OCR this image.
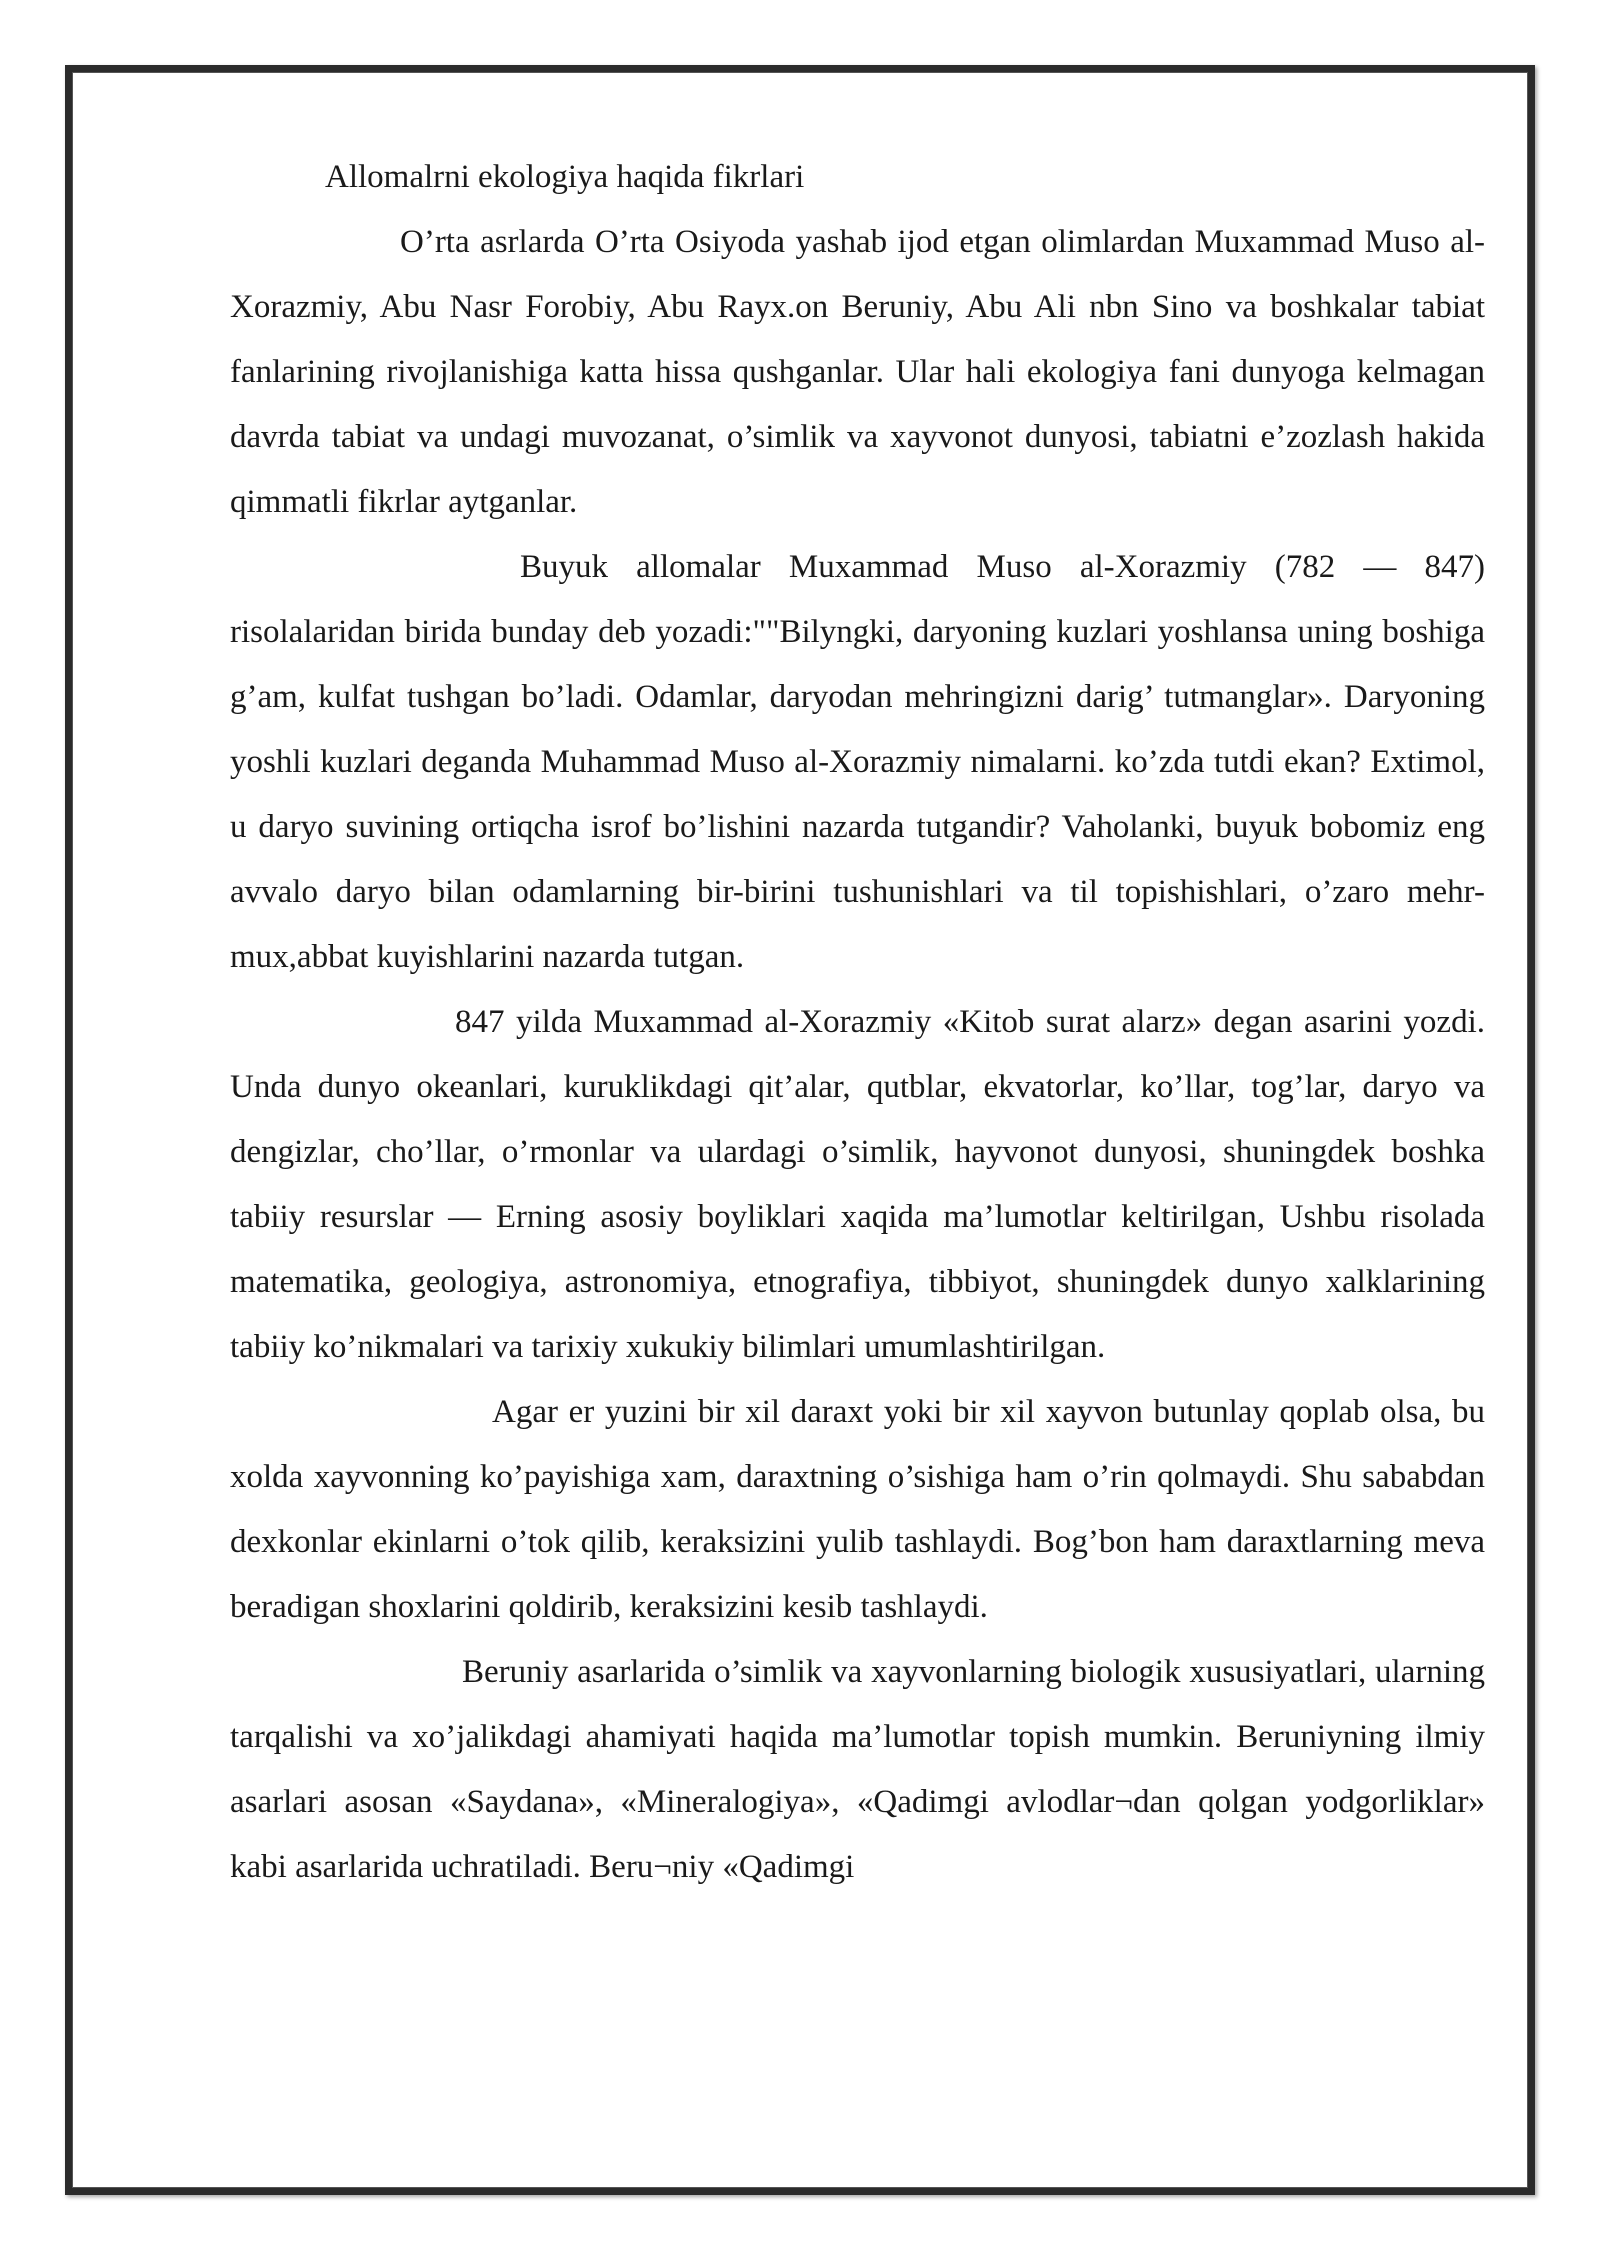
Allomalrni ekologiya haqida fikrlari

O’rta asrlarda O’rta Osiyoda yashab ijod etgan olimlardan Muxammad Muso al-Xorazmiy, Abu Nasr Forobiy, Abu Rayx.on Beruniy, Abu Ali nbn Sino va boshkalar tabiat fanlarining rivojlanishiga katta hissa qushganlar. Ular hali ekologiya fani dunyoga kelmagan davrda tabiat va undagi muvozanat, o’simlik va xayvonot dunyosi, tabiatni e’zozlash hakida qimmatli fikrlar aytganlar.

Buyuk allomalar Muxammad Muso al-Xorazmiy (782 — 847) risolalaridan birida bunday deb yozadi:""Bilyngki, daryoning kuzlari yoshlansa uning boshiga g’am, kulfat tushgan bo’ladi. Odamlar, daryodan mehringizni darig’ tutmanglar». Daryoning yoshli kuzlari deganda Muhammad Muso al-Xorazmiy nimalarni. ko’zda tutdi ekan? Extimol, u daryo suvining ortiqcha isrof bo’lishini nazarda tutgandir? Vaholanki, buyuk bobomiz eng avvalo daryo bilan odamlarning bir-birini tushunishlari va til topishishlari, o’zaro mehr-mux,abbat kuyishlarini nazarda tutgan.

847 yilda Muxammad al-Xorazmiy «Kitob surat alarz» degan asarini yozdi. Unda dunyo okeanlari, kuruklikdagi qit’alar, qutblar, ekvatorlar, ko’llar, tog’lar, daryo va dengizlar, cho’llar, o’rmonlar va ulardagi o’simlik, hayvonot dunyosi, shuningdek boshka tabiiy resurslar — Erning asosiy boyliklari xaqida ma’lumotlar keltirilgan, Ushbu risolada matematika, geologiya, astronomiya, etnografiya, tibbiyot, shuningdek dunyo xalklarining tabiiy ko’nikmalari va tarixiy xukukiy bilimlari umumlashtirilgan.

Agar er yuzini bir xil daraxt yoki bir xil xayvon butunlay qoplab olsa, bu xolda xayvonning ko’payishiga xam, daraxtning o’sishiga ham o’rin qolmaydi. Shu sababdan dexkonlar ekinlarni o’tok qilib, keraksizini yulib tashlaydi. Bog’bon ham daraxtlarning meva beradigan shoxlarini qoldirib, keraksizini kesib tashlaydi.

Beruniy asarlarida o’simlik va xayvonlarning biologik xususiyatlari, ularning tarqalishi va xo’jalikdagi ahamiyati haqida ma’lumotlar topish mumkin. Beruniyning ilmiy asarlari asosan «Saydana», «Mineralogiya», «Qadimgi avlodlar¬dan qolgan yodgorliklar» kabi asarlarida uchratiladi. Beru¬niy «Qadimgi
